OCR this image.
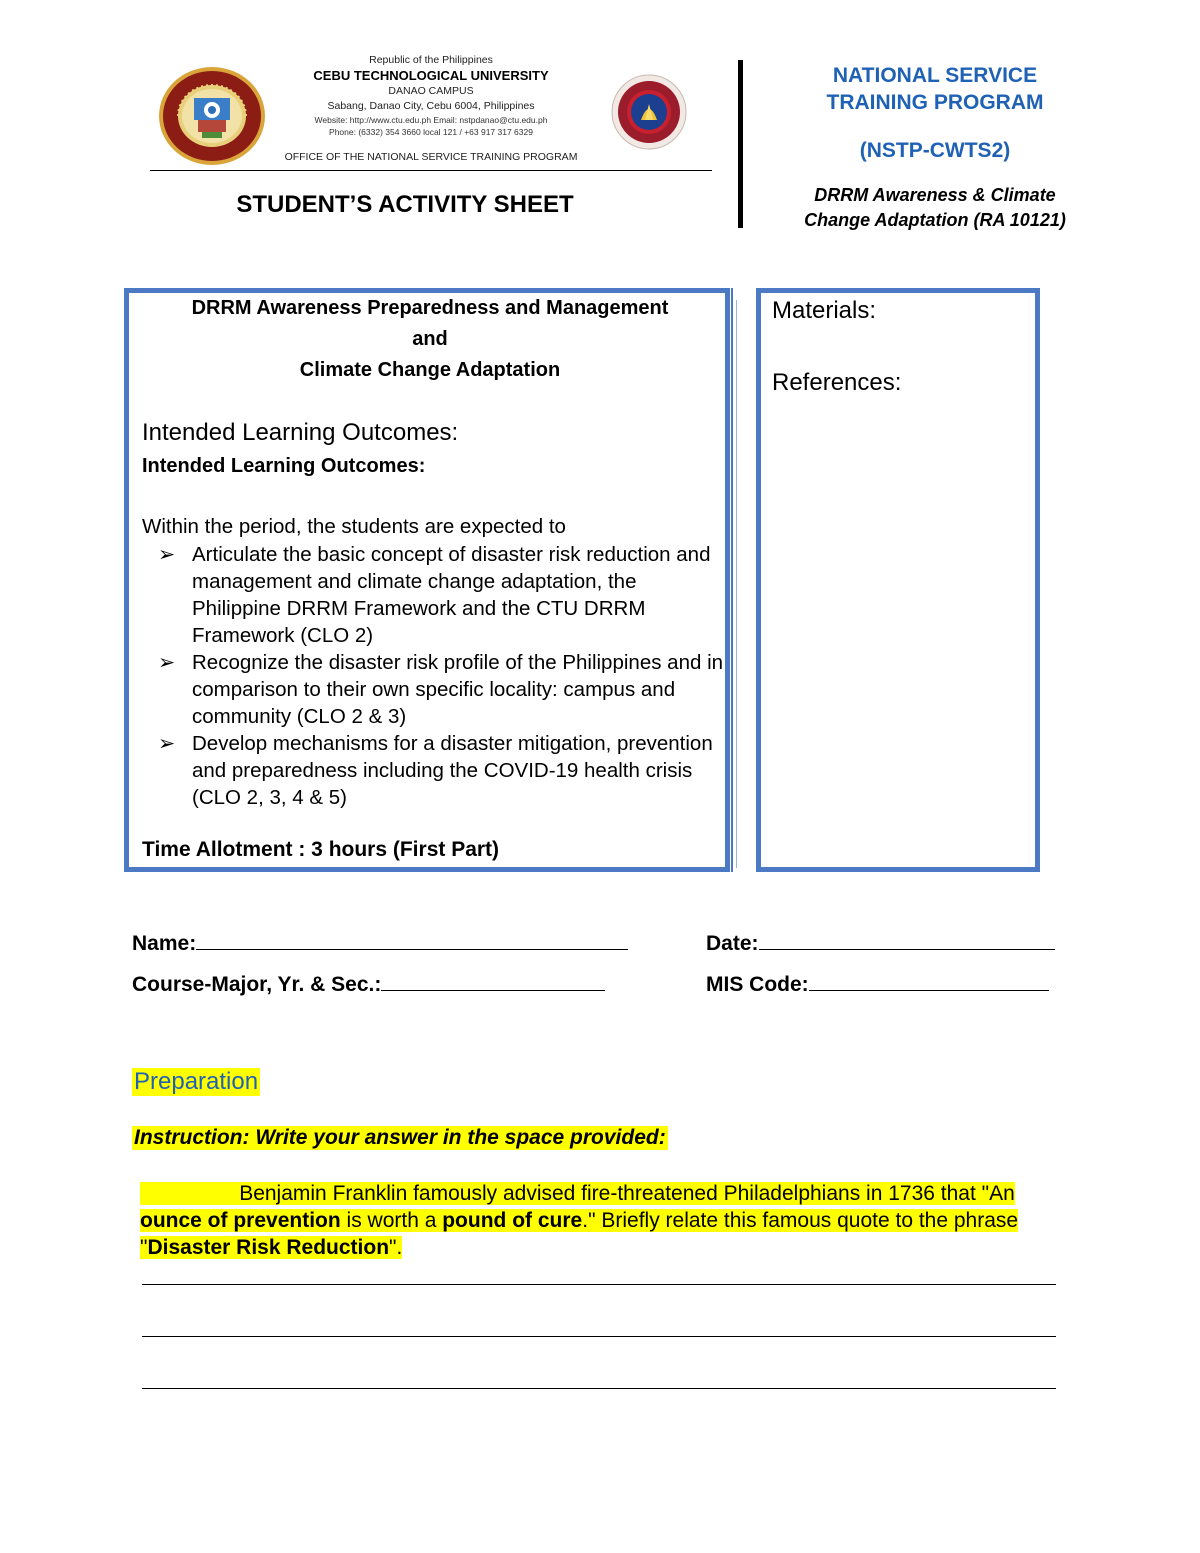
Republic of the Philippines
CEBU TECHNOLOGICAL UNIVERSITY
DANAO CAMPUS
Sabang, Danao City, Cebu 6004, Philippines
Website: http://www.ctu.edu.ph Email: nstpdanao@ctu.edu.ph
Phone: (6332) 354 3660 local 121 / +63 917 317 6329
OFFICE OF THE NATIONAL SERVICE TRAINING PROGRAM
STUDENT’S ACTIVITY SHEET
NATIONAL SERVICE
TRAINING PROGRAM
(NSTP-CWTS2)
DRRM Awareness & Climate
Change Adaptation (RA 10121)
DRRM Awareness Preparedness and Management
and
Climate Change Adaptation
Intended Learning Outcomes:
Intended Learning Outcomes:
Within the period, the students are expected to
➢ Articulate the basic concept of disaster risk reduction and management and climate change adaptation, the Philippine DRRM Framework and the CTU DRRM Framework (CLO 2)
➢ Recognize the disaster risk profile of the Philippines and in comparison to their own specific locality: campus and community (CLO 2 & 3)
➢ Develop mechanisms for a disaster mitigation, prevention and preparedness including the COVID-19 health crisis (CLO 2, 3, 4 & 5)
Time Allotment : 3 hours (First Part)
Materials:
References:
Name:	Date:
Course-Major, Yr. & Sec.:	MIS Code:
Preparation
Instruction: Write your answer in the space provided:
Benjamin Franklin famously advised fire-threatened Philadelphians in 1736 that "An ounce of prevention is worth a pound of cure." Briefly relate this famous quote to the phrase "Disaster Risk Reduction".
